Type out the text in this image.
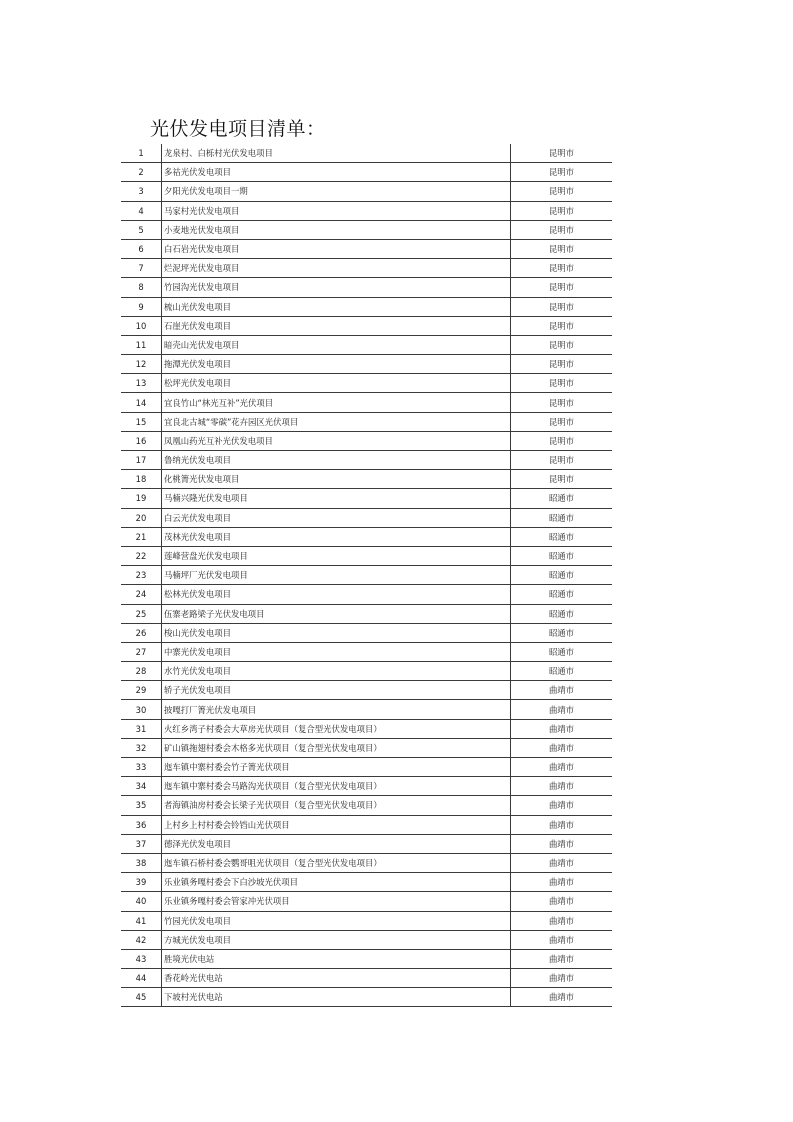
光伏发电项目清单：
1	龙泉村、白栎村光伏发电项目	昆明市
2	多祜光伏发电项目	昆明市
3	夕阳光伏发电项目一期	昆明市
4	马家村光伏发电项目	昆明市
5	小麦地光伏发电项目	昆明市
6	白石岩光伏发电项目	昆明市
7	烂泥坪光伏发电项目	昆明市
8	竹园沟光伏发电项目	昆明市
9	梳山光伏发电项目	昆明市
10	石崖光伏发电项目	昆明市
11	暗壳山光伏发电项目	昆明市
12	拖潭光伏发电项目	昆明市
13	松坪光伏发电项目	昆明市
14	宜良竹山“林光互补”光伏项目	昆明市
15	宜良北古城“零碳”花卉园区光伏项目	昆明市
16	凤凰山药光互补光伏发电项目	昆明市
17	鲁纳光伏发电项目	昆明市
18	化桃箐光伏发电项目	昆明市
19	马楠兴隆光伏发电项目	昭通市
20	白云光伏发电项目	昭通市
21	茂林光伏发电项目	昭通市
22	莲峰营盘光伏发电项目	昭通市
23	马楠坪厂光伏发电项目	昭通市
24	松林光伏发电项目	昭通市
25	伍寨老路梁子光伏发电项目	昭通市
26	梭山光伏发电项目	昭通市
27	中寨光伏发电项目	昭通市
28	水竹光伏发电项目	昭通市
29	轿子光伏发电项目	曲靖市
30	披嘎打厂箐光伏发电项目	曲靖市
31	火红乡湾子村委会大草房光伏项目（复合型光伏发电项目）	曲靖市
32	矿山镇拖翅村委会木格多光伏项目（复合型光伏发电项目）	曲靖市
33	迤车镇中寨村委会竹子箐光伏项目	曲靖市
34	迤车镇中寨村委会马路沟光伏项目（复合型光伏发电项目）	曲靖市
35	者海镇油房村委会长梁子光伏项目（复合型光伏发电项目）	曲靖市
36	上村乡上村村委会铃铛山光伏项目	曲靖市
37	德泽光伏发电项目	曲靖市
38	迤车镇石桥村委会鹦哥咀光伏项目（复合型光伏发电项目）	曲靖市
39	乐业镇务嘎村委会下白沙坡光伏项目	曲靖市
40	乐业镇务嘎村委会管家冲光伏项目	曲靖市
41	竹园光伏发电项目	曲靖市
42	方城光伏发电项目	曲靖市
43	胜境光伏电站	曲靖市
44	香花岭光伏电站	曲靖市
45	下坡村光伏电站	曲靖市
